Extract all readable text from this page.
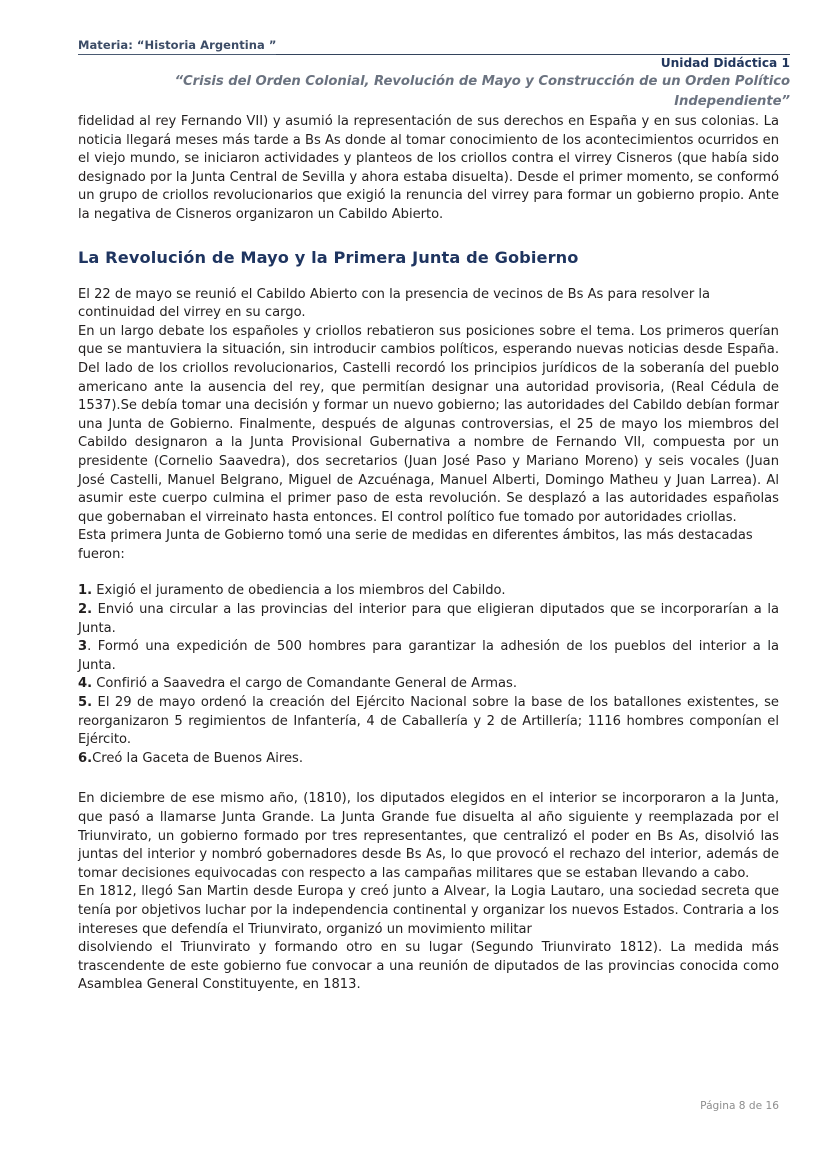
Materia: “Historia Argentina ”
Unidad Didáctica 1
“Crisis del Orden Colonial, Revolución de Mayo y Construcción de un Orden Político
Independiente”

fidelidad al rey Fernando VII) y asumió la representación de sus derechos en España y en sus colonias. La noticia llegará meses más tarde a Bs As donde al tomar conocimiento de los acontecimientos ocurridos en el viejo mundo, se iniciaron actividades y planteos de los criollos contra el virrey Cisneros (que había sido designado por la Junta Central de Sevilla y ahora estaba disuelta). Desde el primer momento, se conformó un grupo de criollos revolucionarios que exigió la renuncia del virrey para formar un gobierno propio. Ante la negativa de Cisneros organizaron un Cabildo Abierto.

La Revolución de Mayo y la Primera Junta de Gobierno

El 22 de mayo se reunió el Cabildo Abierto con la presencia de vecinos de Bs As para resolver la continuidad del virrey en su cargo.

En un largo debate los españoles y criollos rebatieron sus posiciones sobre el tema. Los primeros querían que se mantuviera la situación, sin introducir cambios políticos, esperando nuevas noticias desde España. Del lado de los criollos revolucionarios, Castelli recordó los principios jurídicos de la soberanía del pueblo americano ante la ausencia del rey, que permitían designar una autoridad provisoria, (Real Cédula de 1537).Se debía tomar una decisión y formar un nuevo gobierno; las autoridades del Cabildo debían formar una Junta de Gobierno. Finalmente, después de algunas controversias, el 25 de mayo los miembros del Cabildo designaron a la Junta Provisional Gubernativa a nombre de Fernando VII, compuesta por un presidente (Cornelio Saavedra), dos secretarios (Juan José Paso y Mariano Moreno) y seis vocales (Juan José Castelli, Manuel Belgrano, Miguel de Azcuénaga, Manuel Alberti, Domingo Matheu y Juan Larrea). Al asumir este cuerpo culmina el primer paso de esta revolución. Se desplazó a las autoridades españolas que gobernaban el virreinato hasta entonces. El control político fue tomado por autoridades criollas.

Esta primera Junta de Gobierno tomó una serie de medidas en diferentes ámbitos, las más destacadas fueron:

1. Exigió el juramento de obediencia a los miembros del Cabildo.

2. Envió una circular a las provincias del interior para que eligieran diputados que se incorporarían a la Junta.

3. Formó una expedición de 500 hombres para garantizar la adhesión de los pueblos del interior a la Junta.

4. Confirió a Saavedra el cargo de Comandante General de Armas.

5. El 29 de mayo ordenó la creación del Ejército Nacional sobre la base de los batallones existentes, se reorganizaron 5 regimientos de Infantería, 4 de Caballería y 2 de Artillería; 1116 hombres componían el Ejército.

6.Creó la Gaceta de Buenos Aires.

En diciembre de ese mismo año, (1810), los diputados elegidos en el interior se incorporaron a la Junta, que pasó a llamarse Junta Grande. La Junta Grande fue disuelta al año siguiente y reemplazada por el Triunvirato, un gobierno formado por tres representantes, que centralizó el poder en Bs As, disolvió las juntas del interior y nombró gobernadores desde Bs As, lo que provocó el rechazo del interior, además de tomar decisiones equivocadas con respecto a las campañas militares que se estaban llevando a cabo.

En 1812, llegó San Martin desde Europa y creó junto a Alvear, la Logia Lautaro, una sociedad secreta que tenía por objetivos luchar por la independencia continental y organizar los nuevos Estados. Contraria a los intereses que defendía el Triunvirato, organizó un movimiento militar

disolviendo el Triunvirato y formando otro en su lugar (Segundo Triunvirato 1812). La medida más trascendente de este gobierno fue convocar a una reunión de diputados de las provincias conocida como Asamblea General Constituyente, en 1813.

Página 8 de 16
